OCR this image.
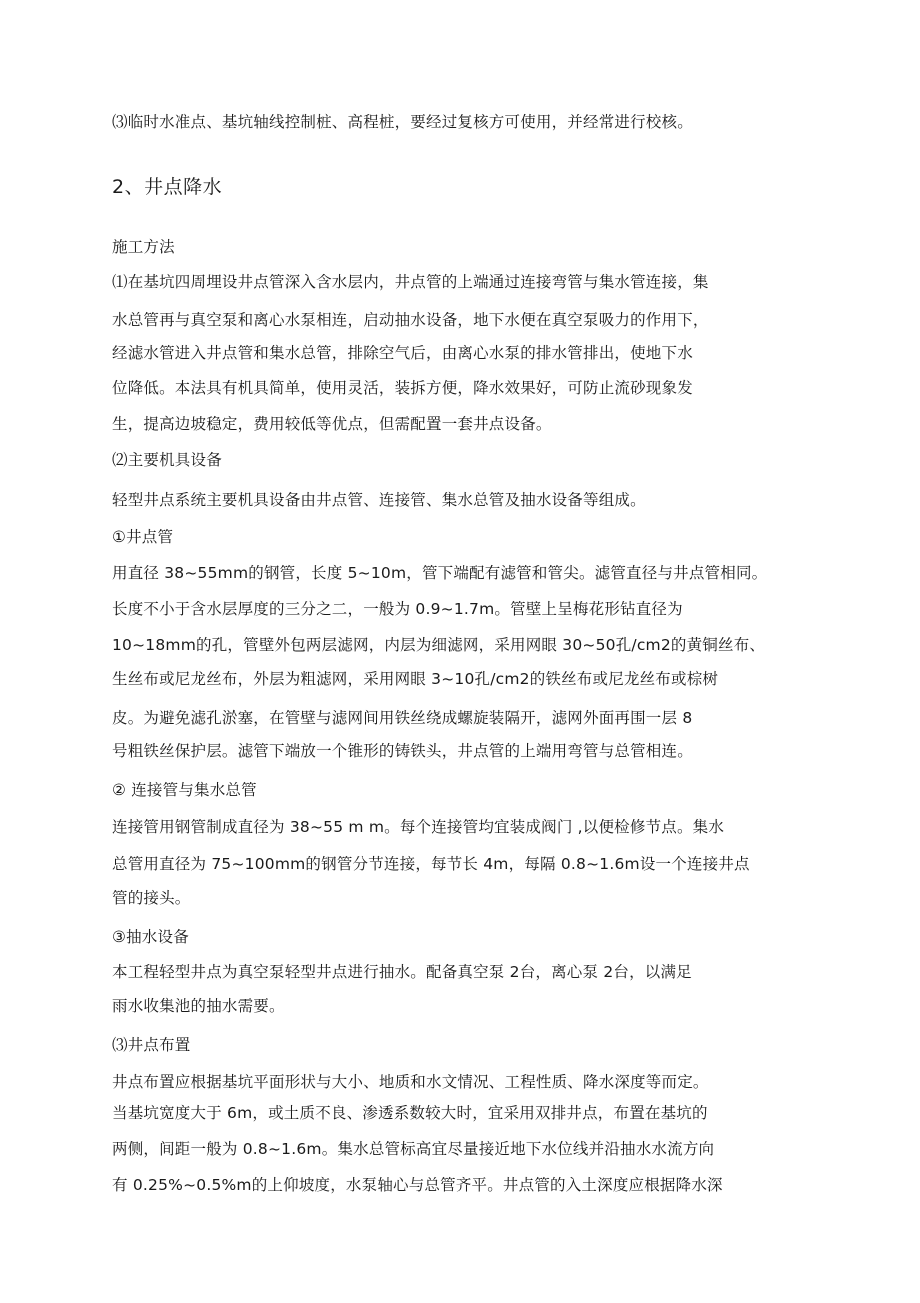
⑶临时水准点、基坑轴线控制桩、高程桩，要经过复核方可使用，并经常进行校核。
2、井点降水
施工方法
⑴在基坑四周埋设井点管深入含水层内，井点管的上端通过连接弯管与集水管连接，集
水总管再与真空泵和离心水泵相连，启动抽水设备，地下水便在真空泵吸力的作用下，
经滤水管进入井点管和集水总管，排除空气后，由离心水泵的排水管排出，使地下水
位降低。本法具有机具简单，使用灵活，装拆方便，降水效果好，可防止流砂现象发
生，提高边坡稳定，费用较低等优点，但需配置一套井点设备。
⑵主要机具设备
轻型井点系统主要机具设备由井点管、连接管、集水总管及抽水设备等组成。
①井点管
用直径 38~55mm的钢管，长度 5~10m，管下端配有滤管和管尖。滤管直径与井点管相同。
长度不小于含水层厚度的三分之二，一般为 0.9~1.7m。管壁上呈梅花形钻直径为
10~18mm的孔，管壁外包两层滤网，内层为细滤网，采用网眼 30~50孔/cm2的黄铜丝布、
生丝布或尼龙丝布，外层为粗滤网，采用网眼 3~10孔/cm2的铁丝布或尼龙丝布或棕树
皮。为避免滤孔淤塞，在管壁与滤网间用铁丝绕成螺旋装隔开，滤网外面再围一层 8
号粗铁丝保护层。滤管下端放一个锥形的铸铁头，井点管的上端用弯管与总管相连。
② 连接管与集水总管
连接管用钢管制成直径为 38~55 m m。每个连接管均宜装成阀门 ,以便检修节点。集水
总管用直径为 75~100mm的钢管分节连接，每节长 4m，每隔 0.8~1.6m设一个连接井点
管的接头。
③抽水设备
本工程轻型井点为真空泵轻型井点进行抽水。配备真空泵 2台，离心泵 2台，以满足
雨水收集池的抽水需要。
⑶井点布置
井点布置应根据基坑平面形状与大小、地质和水文情况、工程性质、降水深度等而定。
当基坑宽度大于 6m，或土质不良、渗透系数较大时，宜采用双排井点，布置在基坑的
两侧，间距一般为 0.8~1.6m。集水总管标高宜尽量接近地下水位线并沿抽水水流方向
有 0.25%~0.5%m的上仰坡度，水泵轴心与总管齐平。井点管的入土深度应根据降水深
